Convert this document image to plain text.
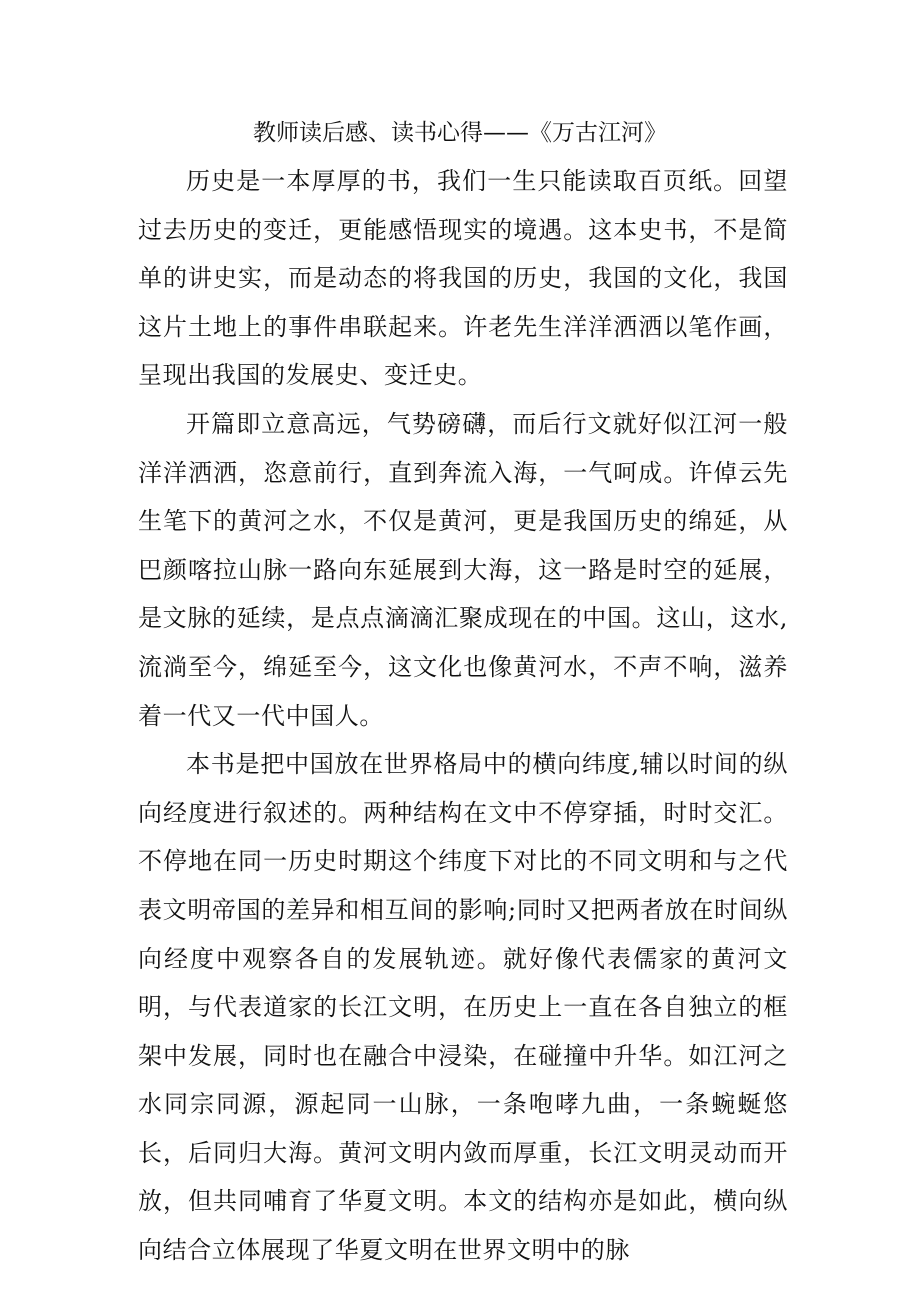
教师读后感、读书心得——《万古江河》

历史是一本厚厚的书，我们一生只能读取百页纸。回望过去历史的变迁，更能感悟现实的境遇。这本史书，不是简单的讲史实，而是动态的将我国的历史，我国的文化，我国这片土地上的事件串联起来。许老先生洋洋洒洒以笔作画，呈现出我国的发展史、变迁史。

开篇即立意高远，气势磅礴，而后行文就好似江河一般洋洋洒洒，恣意前行，直到奔流入海，一气呵成。许倬云先生笔下的黄河之水，不仅是黄河，更是我国历史的绵延，从巴颜喀拉山脉一路向东延展到大海，这一路是时空的延展，是文脉的延续，是点点滴滴汇聚成现在的中国。这山，这水,流淌至今，绵延至今，这文化也像黄河水，不声不响，滋养着一代又一代中国人。

本书是把中国放在世界格局中的横向纬度,辅以时间的纵向经度进行叙述的。两种结构在文中不停穿插，时时交汇。不停地在同一历史时期这个纬度下对比的不同文明和与之代表文明帝国的差异和相互间的影响;同时又把两者放在时间纵向经度中观察各自的发展轨迹。就好像代表儒家的黄河文明，与代表道家的长江文明，在历史上一直在各自独立的框架中发展，同时也在融合中浸染，在碰撞中升华。如江河之水同宗同源，源起同一山脉，一条咆哮九曲，一条蜿蜒悠长，后同归大海。黄河文明内敛而厚重，长江文明灵动而开放，但共同哺育了华夏文明。本文的结构亦是如此，横向纵向结合立体展现了华夏文明在世界文明中的脉
